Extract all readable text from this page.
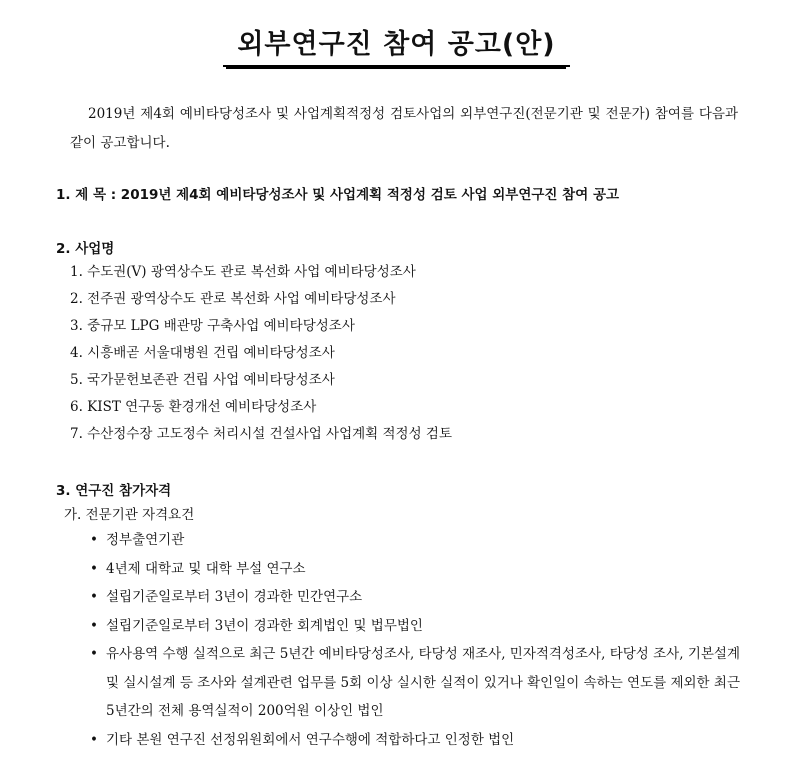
외부연구진 참여 공고(안)
2019년 제4회 예비타당성조사 및 사업계획적정성 검토사업의 외부연구진(전문기관 및 전문가) 참여를 다음과 같이 공고합니다.
1. 제 목 : 2019년 제4회 예비타당성조사 및 사업계획 적정성 검토 사업 외부연구진 참여 공고
2. 사업명
1. 수도권(Ⅴ) 광역상수도 관로 복선화 사업 예비타당성조사
2. 전주권 광역상수도 관로 복선화 사업 예비타당성조사
3. 중규모 LPG 배관망 구축사업 예비타당성조사
4. 시흥배곧 서울대병원 건립 예비타당성조사
5. 국가문헌보존관 건립 사업 예비타당성조사
6. KIST 연구동 환경개선 예비타당성조사
7. 수산정수장 고도정수 처리시설 건설사업 사업계획 적정성 검토
3. 연구진 참가자격
가. 전문기관 자격요건
• 정부출연기관
• 4년제 대학교 및 대학 부설 연구소
• 설립기준일로부터 3년이 경과한 민간연구소
• 설립기준일로부터 3년이 경과한 회계법인 및 법무법인
• 유사용역 수행 실적으로 최근 5년간 예비타당성조사, 타당성 재조사, 민자적격성조사, 타당성 조사, 기본설계 및 실시설계 등 조사와 설계관련 업무를 5회 이상 실시한 실적이 있거나 확인일이 속하는 연도를 제외한 최근 5년간의 전체 용역실적이 200억원 이상인 법인
• 기타 본원 연구진 선정위원회에서 연구수행에 적합하다고 인정한 법인
